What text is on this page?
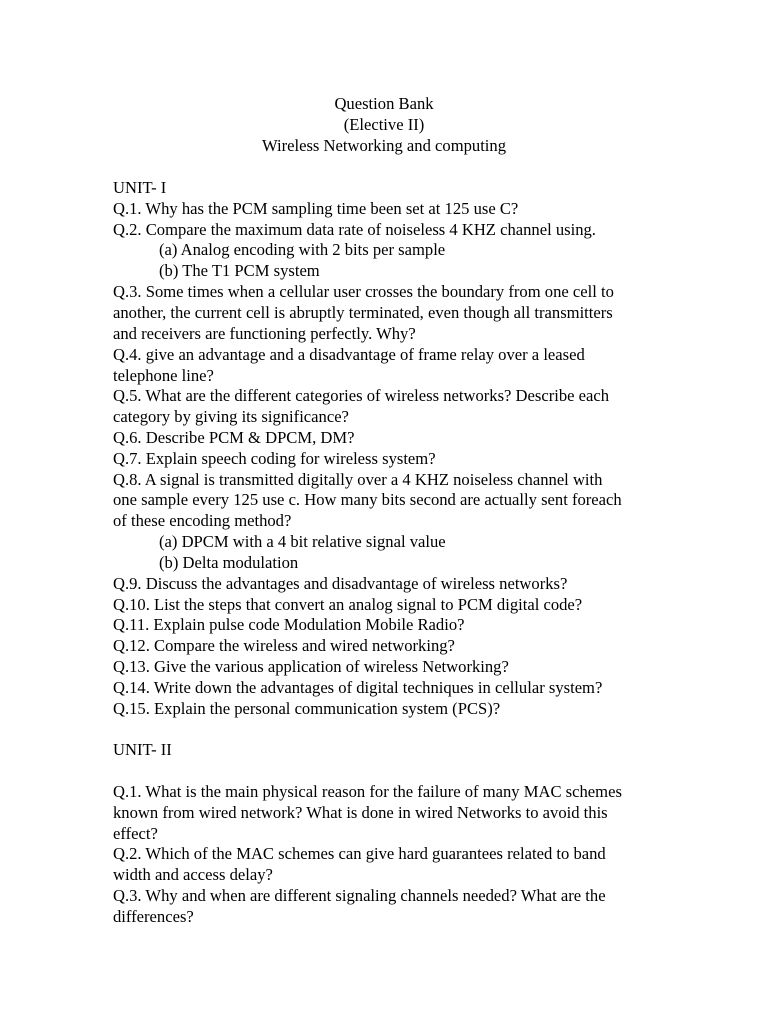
Question Bank

(Elective II)

Wireless Networking and computing

UNIT- I

Q.1. Why has the PCM sampling time been set at 125 use C?

Q.2. Compare the maximum data rate of noiseless 4 KHZ channel using.

(a) Analog encoding with 2 bits per sample

(b) The T1 PCM system

Q.3. Some times when a cellular user crosses the boundary from one cell to

another, the current cell is abruptly terminated, even though all transmitters

and receivers are functioning perfectly. Why?

Q.4. give an advantage and a disadvantage of frame relay over a leased

telephone line?

Q.5. What are the different categories of wireless networks? Describe each

category by giving its significance?

Q.6. Describe PCM & DPCM, DM?

Q.7. Explain speech coding for wireless system?

Q.8. A signal is transmitted digitally over a 4 KHZ noiseless channel with

one sample every 125 use c. How many bits second are actually sent foreach

of these encoding method?

(a) DPCM with a 4 bit relative signal value

(b) Delta modulation

Q.9. Discuss the advantages and disadvantage of wireless networks?

Q.10. List the steps that convert an analog signal to PCM digital code?

Q.11. Explain pulse code Modulation Mobile Radio?

Q.12. Compare the wireless and wired networking?

Q.13. Give the various application of wireless Networking?

Q.14. Write down the advantages of digital techniques in cellular system?

Q.15. Explain the personal communication system (PCS)?

UNIT- II

Q.1. What is the main physical reason for the failure of many MAC schemes

known from wired network? What is done in wired Networks to avoid this

effect?

Q.2. Which of the MAC schemes can give hard guarantees related to band

width and access delay?

Q.3. Why and when are different signaling channels needed? What are the

differences?
